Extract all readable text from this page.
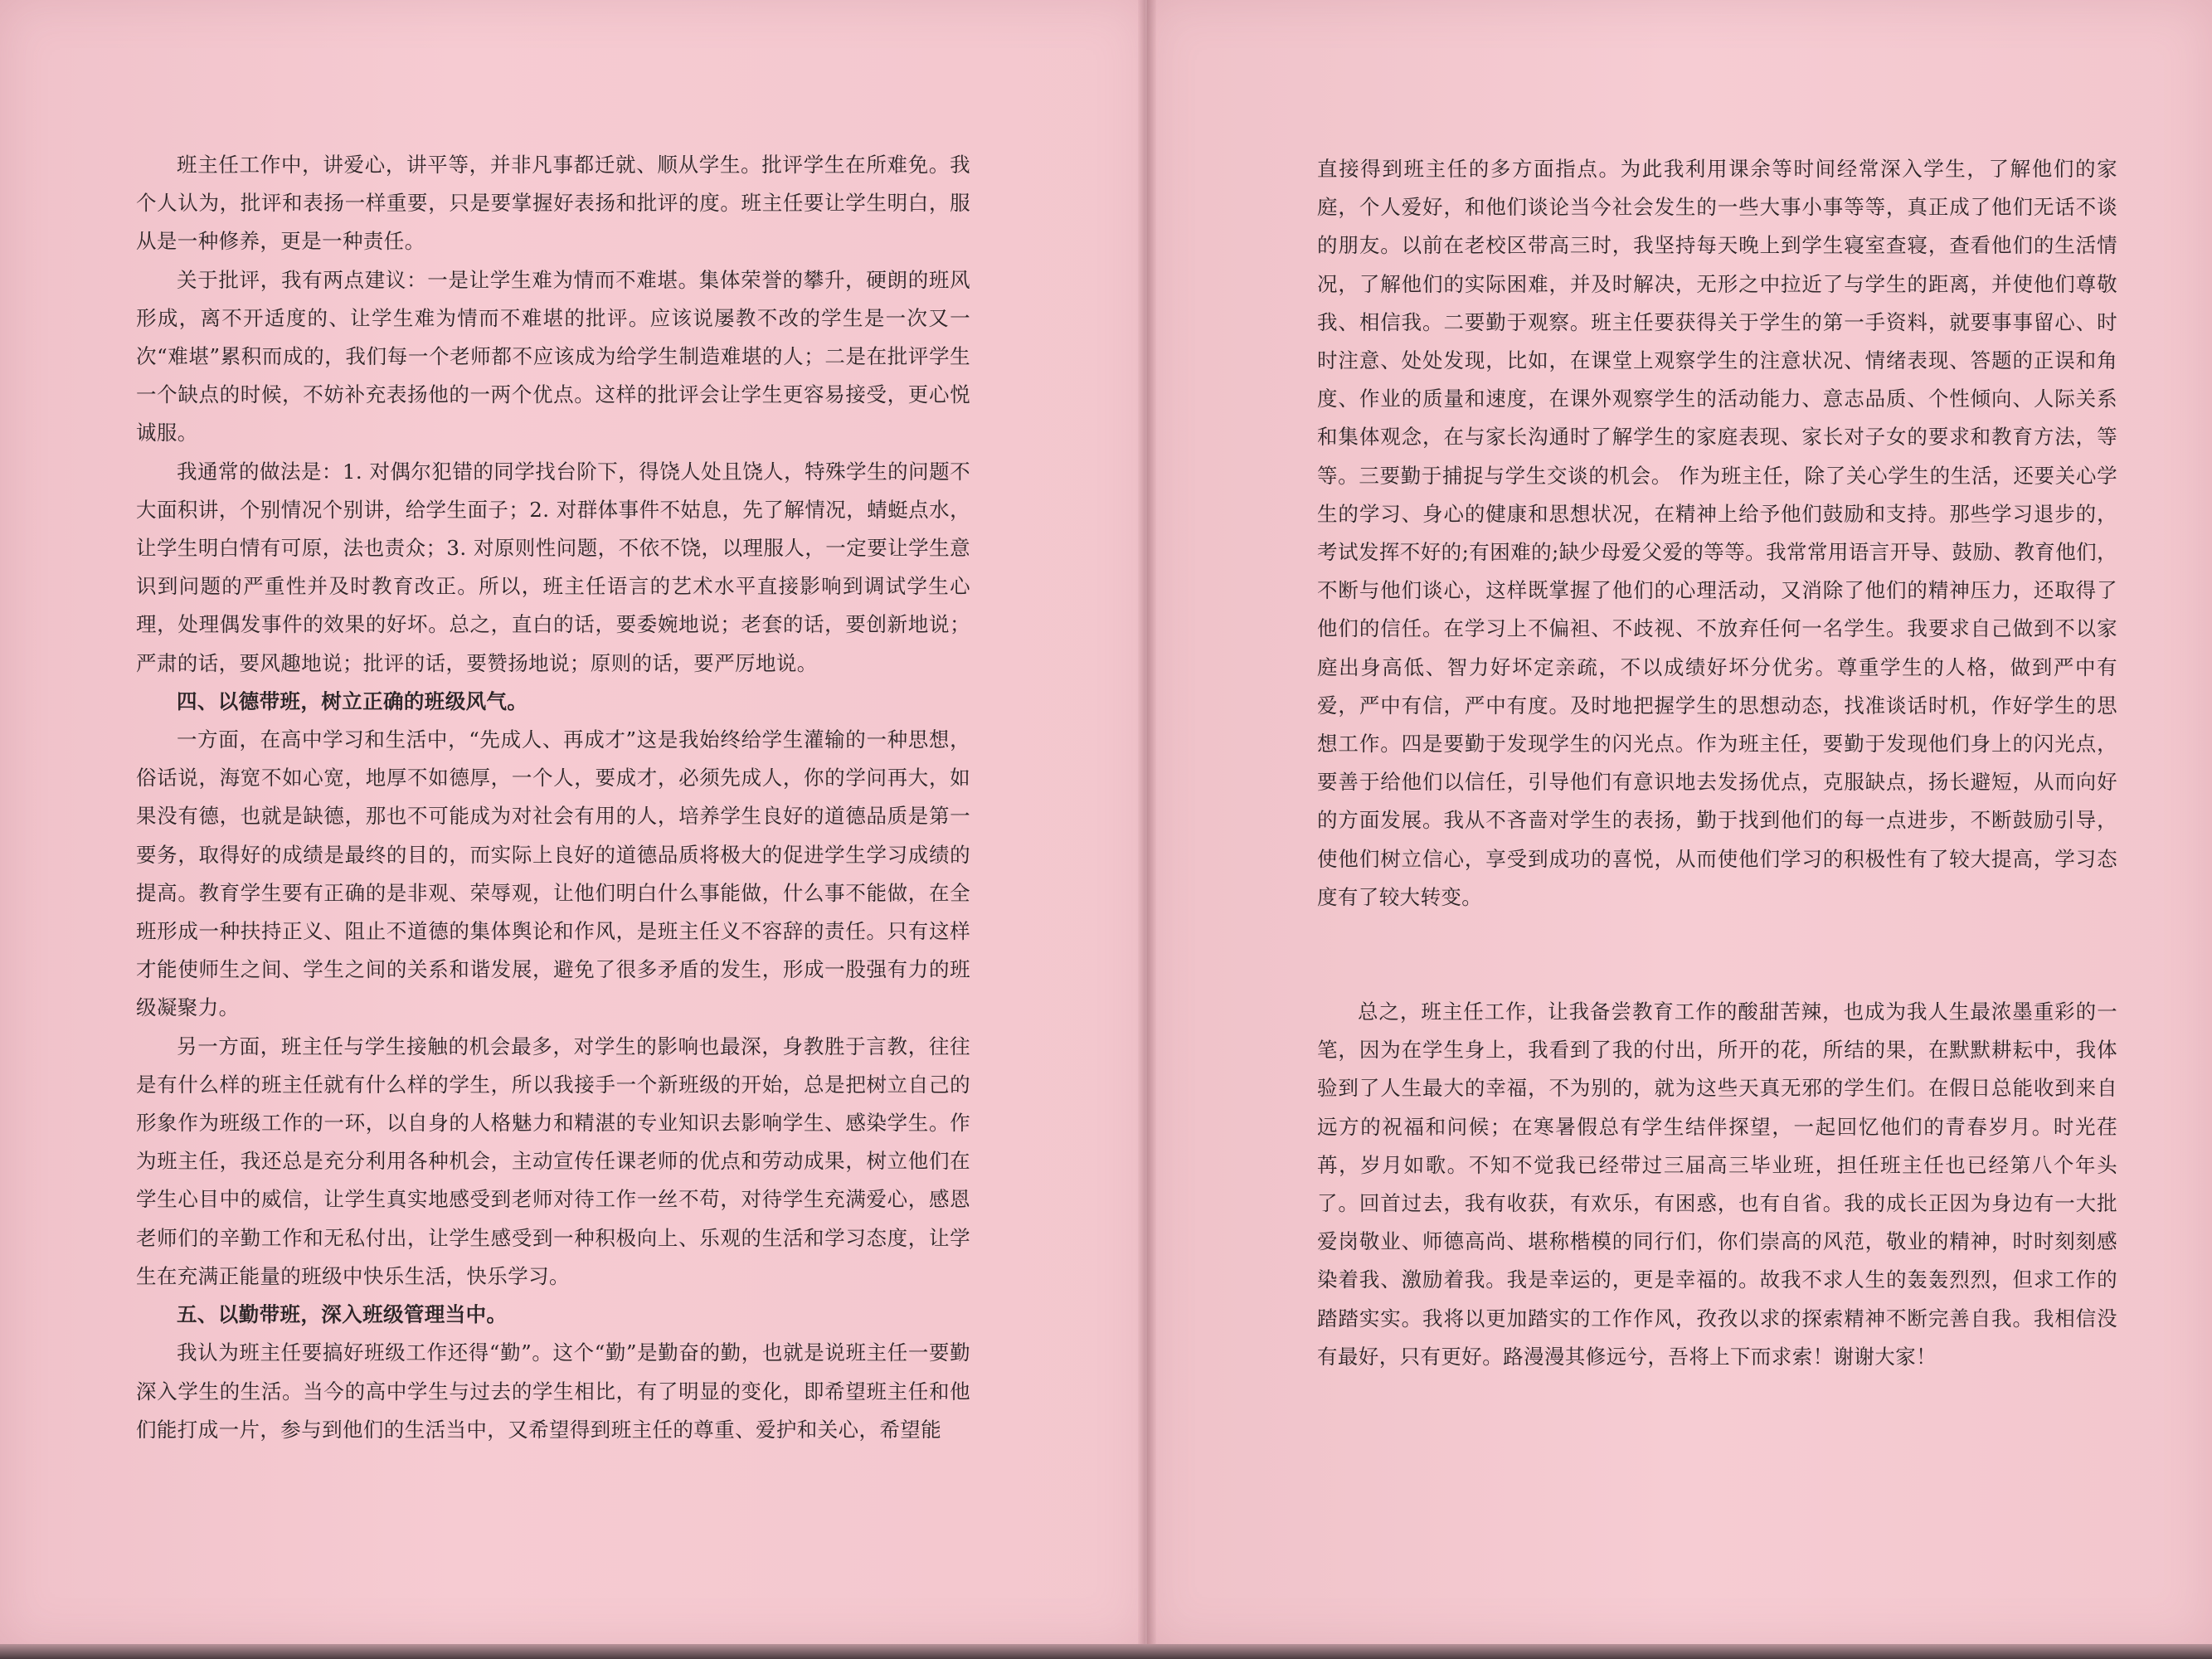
班主任工作中，讲爱心，讲平等，并非凡事都迁就、顺从学生。批评学生在所难免。我个人认为，批评和表扬一样重要，只是要掌握好表扬和批评的度。班主任要让学生明白，服从是一种修养，更是一种责任。

关于批评，我有两点建议：一是让学生难为情而不难堪。集体荣誉的攀升，硬朗的班风形成，离不开适度的、让学生难为情而不难堪的批评。应该说屡教不改的学生是一次又一次“难堪”累积而成的，我们每一个老师都不应该成为给学生制造难堪的人；二是在批评学生一个缺点的时候，不妨补充表扬他的一两个优点。这样的批评会让学生更容易接受，更心悦诚服。

我通常的做法是：1. 对偶尔犯错的同学找台阶下，得饶人处且饶人，特殊学生的问题不大面积讲，个别情况个别讲，给学生面子；2. 对群体事件不姑息，先了解情况，蜻蜓点水，让学生明白情有可原，法也责众；3. 对原则性问题，不依不饶，以理服人，一定要让学生意识到问题的严重性并及时教育改正。所以，班主任语言的艺术水平直接影响到调试学生心理，处理偶发事件的效果的好坏。总之，直白的话，要委婉地说；老套的话，要创新地说；严肃的话，要风趣地说；批评的话，要赞扬地说；原则的话，要严厉地说。

四、以德带班，树立正确的班级风气。

一方面，在高中学习和生活中，“先成人、再成才”这是我始终给学生灌输的一种思想，俗话说，海宽不如心宽，地厚不如德厚，一个人，要成才，必须先成人，你的学问再大，如果没有德，也就是缺德，那也不可能成为对社会有用的人，培养学生良好的道德品质是第一要务，取得好的成绩是最终的目的，而实际上良好的道德品质将极大的促进学生学习成绩的提高。教育学生要有正确的是非观、荣辱观，让他们明白什么事能做，什么事不能做，在全班形成一种扶持正义、阻止不道德的集体舆论和作风，是班主任义不容辞的责任。只有这样才能使师生之间、学生之间的关系和谐发展，避免了很多矛盾的发生，形成一股强有力的班级凝聚力。

另一方面，班主任与学生接触的机会最多，对学生的影响也最深，身教胜于言教，往往是有什么样的班主任就有什么样的学生，所以我接手一个新班级的开始，总是把树立自己的形象作为班级工作的一环，以自身的人格魅力和精湛的专业知识去影响学生、感染学生。作为班主任，我还总是充分利用各种机会，主动宣传任课老师的优点和劳动成果，树立他们在学生心目中的威信，让学生真实地感受到老师对待工作一丝不苟，对待学生充满爱心，感恩老师们的辛勤工作和无私付出，让学生感受到一种积极向上、乐观的生活和学习态度，让学生在充满正能量的班级中快乐生活，快乐学习。

五、以勤带班，深入班级管理当中。

我认为班主任要搞好班级工作还得“勤”。这个“勤”是勤奋的勤，也就是说班主任一要勤深入学生的生活。当今的高中学生与过去的学生相比，有了明显的变化，即希望班主任和他们能打成一片，参与到他们的生活当中，又希望得到班主任的尊重、爱护和关心，希望能

直接得到班主任的多方面指点。为此我利用课余等时间经常深入学生，了解他们的家庭，个人爱好，和他们谈论当今社会发生的一些大事小事等等，真正成了他们无话不谈的朋友。以前在老校区带高三时，我坚持每天晚上到学生寝室查寝，查看他们的生活情况，了解他们的实际困难，并及时解决，无形之中拉近了与学生的距离，并使他们尊敬我、相信我。二要勤于观察。班主任要获得关于学生的第一手资料，就要事事留心、时时注意、处处发现，比如，在课堂上观察学生的注意状况、情绪表现、答题的正误和角度、作业的质量和速度，在课外观察学生的活动能力、意志品质、个性倾向、人际关系和集体观念，在与家长沟通时了解学生的家庭表现、家长对子女的要求和教育方法，等等。三要勤于捕捉与学生交谈的机会。 作为班主任，除了关心学生的生活，还要关心学生的学习、身心的健康和思想状况，在精神上给予他们鼓励和支持。那些学习退步的，考试发挥不好的;有困难的;缺少母爱父爱的等等。我常常用语言开导、鼓励、教育他们，不断与他们谈心，这样既掌握了他们的心理活动，又消除了他们的精神压力，还取得了他们的信任。在学习上不偏袒、不歧视、不放弃任何一名学生。我要求自己做到不以家庭出身高低、智力好坏定亲疏，不以成绩好坏分优劣。尊重学生的人格，做到严中有爱，严中有信，严中有度。及时地把握学生的思想动态，找准谈话时机，作好学生的思想工作。四是要勤于发现学生的闪光点。作为班主任，要勤于发现他们身上的闪光点，要善于给他们以信任，引导他们有意识地去发扬优点，克服缺点，扬长避短，从而向好的方面发展。我从不吝啬对学生的表扬，勤于找到他们的每一点进步，不断鼓励引导，使他们树立信心，享受到成功的喜悦，从而使他们学习的积极性有了较大提高，学习态度有了较大转变。

总之，班主任工作，让我备尝教育工作的酸甜苦辣，也成为我人生最浓墨重彩的一笔，因为在学生身上，我看到了我的付出，所开的花，所结的果，在默默耕耘中，我体验到了人生最大的幸福，不为别的，就为这些天真无邪的学生们。在假日总能收到来自远方的祝福和问候；在寒暑假总有学生结伴探望，一起回忆他们的青春岁月。时光荏苒，岁月如歌。不知不觉我已经带过三届高三毕业班，担任班主任也已经第八个年头了。回首过去，我有收获，有欢乐，有困惑，也有自省。我的成长正因为身边有一大批爱岗敬业、师德高尚、堪称楷模的同行们，你们崇高的风范，敬业的精神，时时刻刻感染着我、激励着我。我是幸运的，更是幸福的。故我不求人生的轰轰烈烈，但求工作的踏踏实实。我将以更加踏实的工作作风，孜孜以求的探索精神不断完善自我。我相信没有最好，只有更好。路漫漫其修远兮，吾将上下而求索！谢谢大家！
